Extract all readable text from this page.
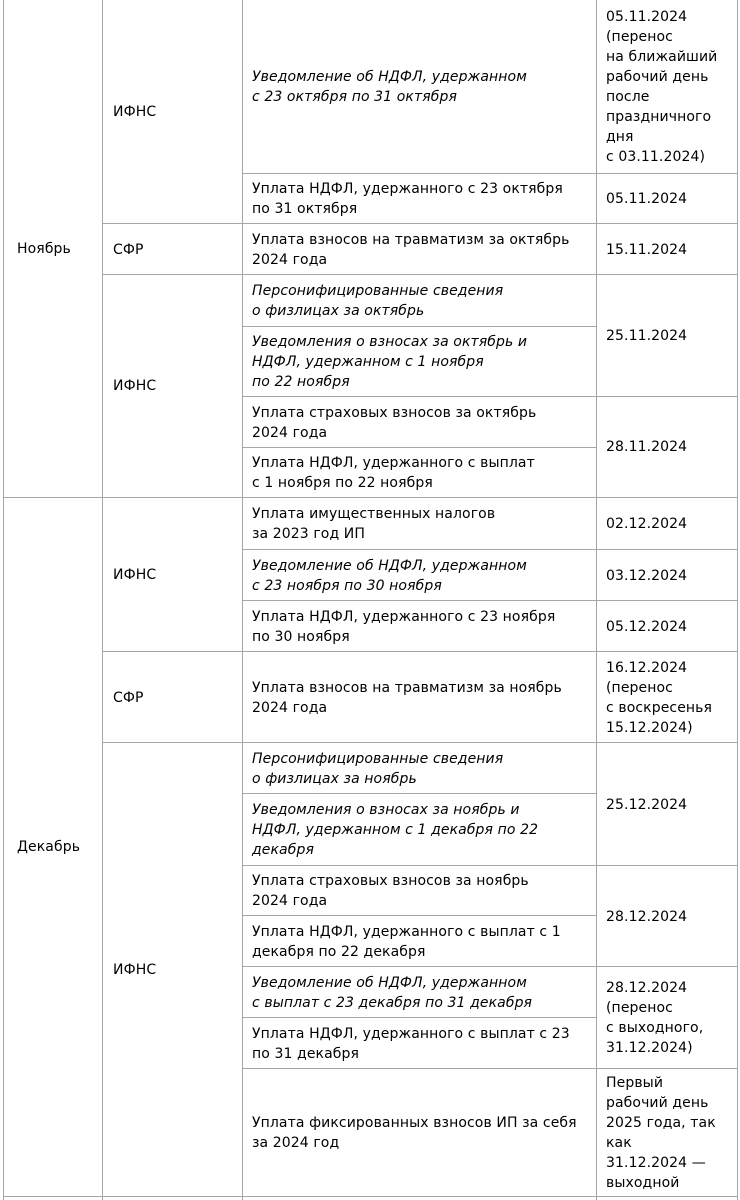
Ноябрь
Декабрь
ИФНС
СФР
ИФНС
ИФНС
СФР
ИФНС
Уведомление об НДФЛ, удержанном
с 23 октября по 31 октября
Уплата НДФЛ, удержанного с 23 октября
по 31 октября
Уплата взносов на травматизм за октябрь
2024 года
Персонифицированные сведения
о физлицах за октябрь
Уведомления о взносах за октябрь и
НДФЛ, удержанном с 1 ноября
по 22 ноября
Уплата страховых взносов за октябрь
2024 года
Уплата НДФЛ, удержанного с выплат
с 1 ноября по 22 ноября
Уплата имущественных налогов
за 2023 год ИП
Уведомление об НДФЛ, удержанном
с 23 ноября по 30 ноября
Уплата НДФЛ, удержанного с 23 ноября
по 30 ноября
Уплата взносов на травматизм за ноябрь
2024 года
Персонифицированные сведения
о физлицах за ноябрь
Уведомления о взносах за ноябрь и
НДФЛ, удержанном с 1 декабря по 22
декабря
Уплата страховых взносов за ноябрь
2024 года
Уплата НДФЛ, удержанного с выплат с 1
декабря по 22 декабря
Уведомление об НДФЛ, удержанном
с выплат с 23 декабря по 31 декабря
Уплата НДФЛ, удержанного с выплат с 23
по 31 декабря
Уплата фиксированных взносов ИП за себя
за 2024 год
05.11.2024
(перенос
на ближайший
рабочий день
после
праздничного
дня
с 03.11.2024)
05.11.2024
15.11.2024
25.11.2024
28.11.2024
02.12.2024
03.12.2024
05.12.2024
16.12.2024
(перенос
с воскресенья
15.12.2024)
25.12.2024
28.12.2024
28.12.2024
(перенос
с выходного,
31.12.2024)
Первый
рабочий день
2025 года, так
как
31.12.2024 —
выходной
